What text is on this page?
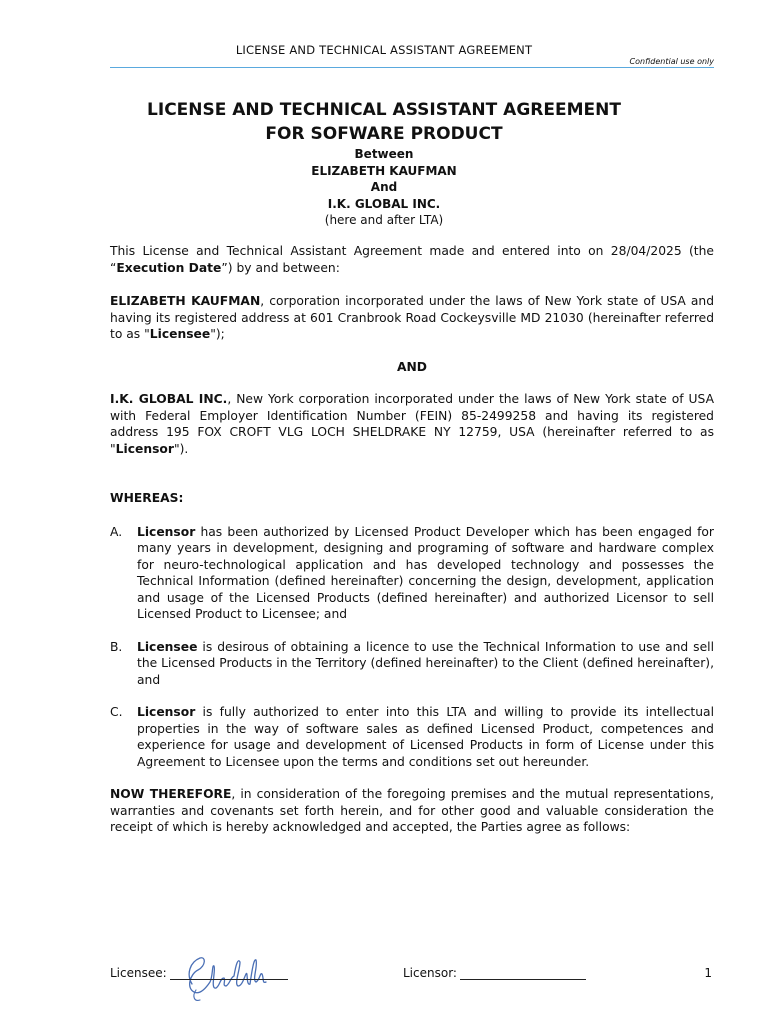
LICENSE AND TECHNICAL ASSISTANT AGREEMENT
Confidential use only
LICENSE AND TECHNICAL ASSISTANT AGREEMENT
FOR SOFWARE PRODUCT
Between
ELIZABETH KAUFMAN
And
I.K. GLOBAL INC.
(here and after LTA)

This License and Technical Assistant Agreement made and entered into on 28/04/2025 (the “Execution Date”) by and between:

ELIZABETH KAUFMAN, corporation incorporated under the laws of New York state of USA and having its registered address at 601 Cranbrook Road Cockeysville MD 21030 (hereinafter referred to as "Licensee");

AND

I.K. GLOBAL INC., New York corporation incorporated under the laws of New York state of USA with Federal Employer Identification Number (FEIN) 85-2499258 and having its registered address 195 FOX CROFT VLG LOCH SHELDRAKE NY 12759, USA (hereinafter referred to as "Licensor").

WHEREAS:

A.	Licensor has been authorized by Licensed Product Developer which has been engaged for many years in development, designing and programing of software and hardware complex for neuro-technological application and has developed technology and possesses the Technical Information (defined hereinafter) concerning the design, development, application and usage of the Licensed Products (defined hereinafter) and authorized Licensor to sell Licensed Product to Licensee; and
B.	Licensee is desirous of obtaining a licence to use the Technical Information to use and sell the Licensed Products in the Territory (defined hereinafter) to the Client (defined hereinafter), and
C.	Licensor is fully authorized to enter into this LTA and willing to provide its intellectual properties in the way of software sales as defined Licensed Product, competences and experience for usage and development of Licensed Products in form of License under this Agreement to Licensee upon the terms and conditions set out hereunder.

NOW THEREFORE, in consideration of the foregoing premises and the mutual representations, warranties and covenants set forth herein, and for other good and valuable consideration the receipt of which is hereby acknowledged and accepted, the Parties agree as follows:

Licensee:	Licensor:	1
